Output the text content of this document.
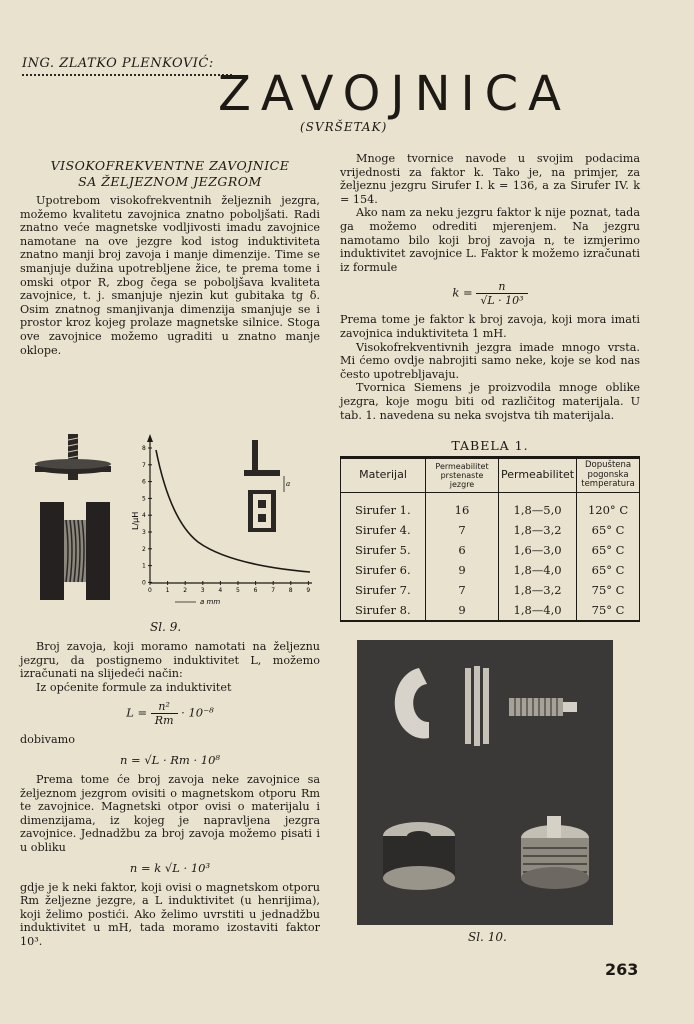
ING. ZLATKO PLENKOVIĆ:
ZAVOJNICA
(SVRŠETAK)
VISOKOFREKVENTNE ZAVOJNICE
SA ŽELJEZNOM JEZGROM

Upotrebom visokofrekventnih željeznih jezgra, možemo kvalitetu zavojnica znatno poboljšati. Radi znatno veće magnetske vodljivosti imadu zavojnice namotane na ove jezgre kod istog induktiviteta znatno manji broj zavoja i manje dimenzije. Time se smanjuje dužina upotrebljene žice, te prema tome i omski otpor R, zbog čega se poboljšava kvaliteta zavojnice, t. j. smanjuje njezin kut gubitaka tg δ. Osim znatnog smanjivanja dimenzija smanjuje se i prostor kroz kojeg prolaze magnetske silnice. Stoga ove zavojnice možemo ugraditi u znatno manje oklope.

8
7
6
5
4
3
2
1
0
0 1 2 3 4 5 6 7 8 9
L/μH
a mm
a
Sl. 9.

Broj zavoja, koji moramo namotati na željeznu jezgru, da postignemo induktivitet L, možemo izračunati na slijedeći način:

Iz općenite formule za induktivitet

$L = \frac{\text{n²}}{Rm} \cdot 10^{-8}$

dobivamo

n = √L · Rm · 10⁸

Prema tome će broj zavoja neke zavojnice sa željeznom jezgrom ovisiti o magnetskom otporu Rm te zavojnice. Magnetski otpor ovisi o materijalu i dimenzijama, iz kojeg je napravljena jezgra zavojnice. Jednadžbu za broj zavoja možemo pisati i u obliku

n = k √L · 10³

gdje je k neki faktor, koji ovisi o magnetskom otporu Rm željezne jezgre, a L induktivitet (u henrijima), koji želimo postići. Ako želimo uvrstiti u jednadžbu induktivitet u mH, tada moramo izostaviti faktor 10³.

Mnoge tvornice navode u svojim podacima vrijednosti za faktor k. Tako je, na primjer, za željeznu jezgru Sirufer I. k = 136, a za Sirufer IV. k = 154.

Ako nam za neku jezgru faktor k nije poznat, tada ga možemo odrediti mjerenjem. Na jezgru namotamo bilo koji broj zavoja n, te izmjerimo induktivitet zavojnice L. Faktor k možemo izračunati iz formule

$k = \frac{n}{\text{√L · 10³}}$

Prema tome je faktor k broj zavoja, koji mora imati zavojnica induktiviteta 1 mH.

Visokofrekventivnih jezgra imade mnogo vrsta. Mi ćemo ovdje nabrojiti samo neke, koje se kod nas često upotrebljavaju.

Tvornica Siemens je proizvodila mnoge oblike jezgra, koje mogu biti od različitog materijala. U tab. 1. navedena su neka svojstva tih materijala.

TABELA 1.
Materijal	Permeabilitet prstenaste jezgre	Permeabilitet	Dopuštena pogonska temperatura
Sirufer 1.	16	1,8—5,0	120° C
Sirufer 4.	7	1,8—3,2	65° C
Sirufer 5.	6	1,6—3,0	65° C
Sirufer 6.	9	1,8—4,0	65° C
Sirufer 7.	7	1,8—3,2	75° C
Sirufer 8.	9	1,8—4,0	75° C
Sl. 10.
263
